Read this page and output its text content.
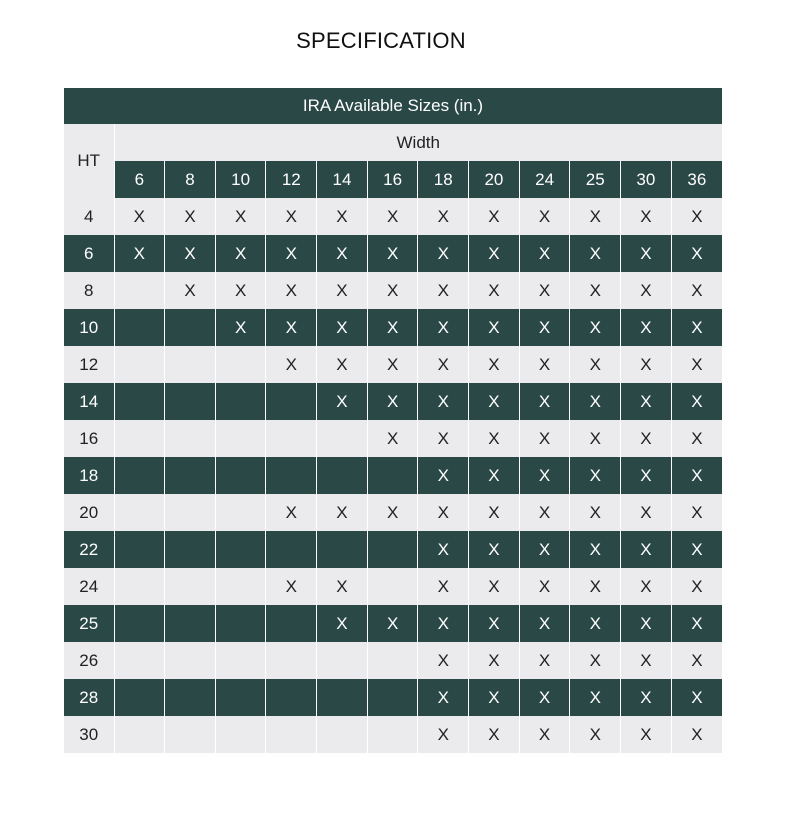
SPECIFICATION
IRA Available Sizes (in.)												
HT	Width											
	6	8	10	12	14	16	18	20	24	25	30	36
4	X	X	X	X	X	X	X	X	X	X	X	X
6	X	X	X	X	X	X	X	X	X	X	X	X
8		X	X	X	X	X	X	X	X	X	X	X
10			X	X	X	X	X	X	X	X	X	X
12				X	X	X	X	X	X	X	X	X
14					X	X	X	X	X	X	X	X
16						X	X	X	X	X	X	X
18							X	X	X	X	X	X
20				X	X	X	X	X	X	X	X	X
22							X	X	X	X	X	X
24				X	X		X	X	X	X	X	X
25					X	X	X	X	X	X	X	X
26							X	X	X	X	X	X
28							X	X	X	X	X	X
30							X	X	X	X	X	X
